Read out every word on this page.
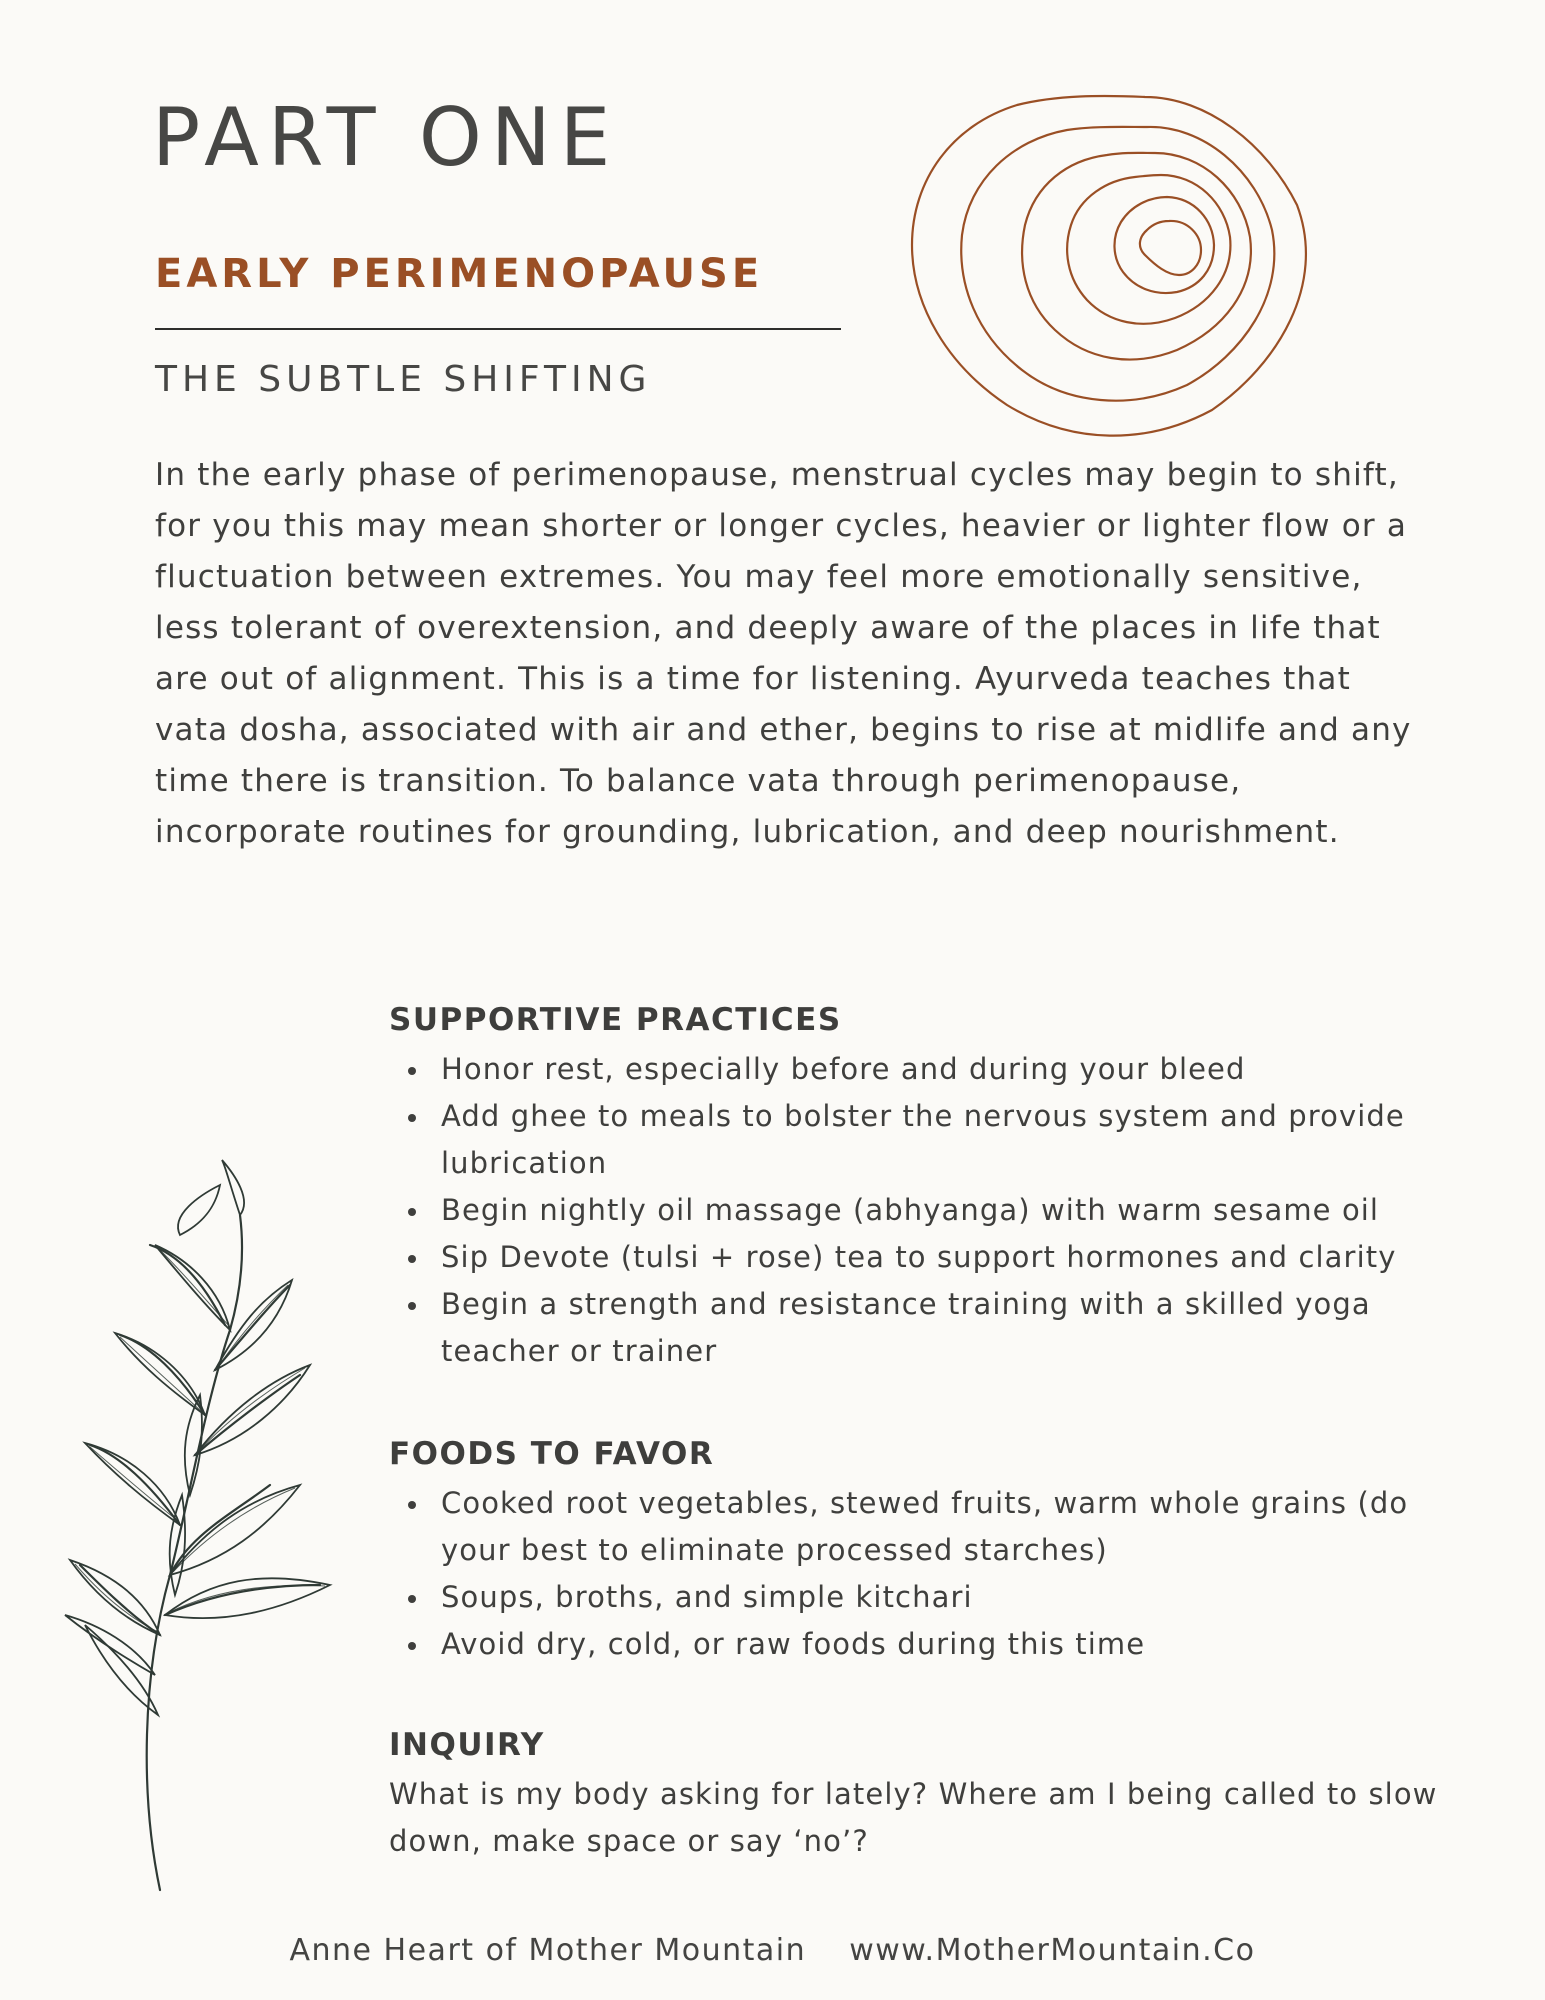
PART ONE
EARLY PERIMENOPAUSE

THE SUBTLE SHIFTING

In the early phase of perimenopause, menstrual cycles may begin to shift, for you this may mean shorter or longer cycles, heavier or lighter flow or a fluctuation between extremes. You may feel more emotionally sensitive, less tolerant of overextension, and deeply aware of the places in life that are out of alignment. This is a time for listening. Ayurveda teaches that vata dosha, associated with air and ether, begins to rise at midlife and any time there is transition. To balance vata through perimenopause, incorporate routines for grounding, lubrication, and deep nourishment.

SUPPORTIVE PRACTICES
Honor rest, especially before and during your bleed
Add ghee to meals to bolster the nervous system and provide lubrication
Begin nightly oil massage (abhyanga) with warm sesame oil
Sip Devote (tulsi + rose) tea to support hormones and clarity
Begin a strength and resistance training with a skilled yoga teacher or trainer
FOODS TO FAVOR
Cooked root vegetables, stewed fruits, warm whole grains (do your best to eliminate processed starches)
Soups, broths, and simple kitchari
Avoid dry, cold, or raw foods during this time
INQUIRY

What is my body asking for lately? Where am I being called to slow down, make space or say ‘no’?

Anne Heart of Mother Mountain www.MotherMountain.Co
